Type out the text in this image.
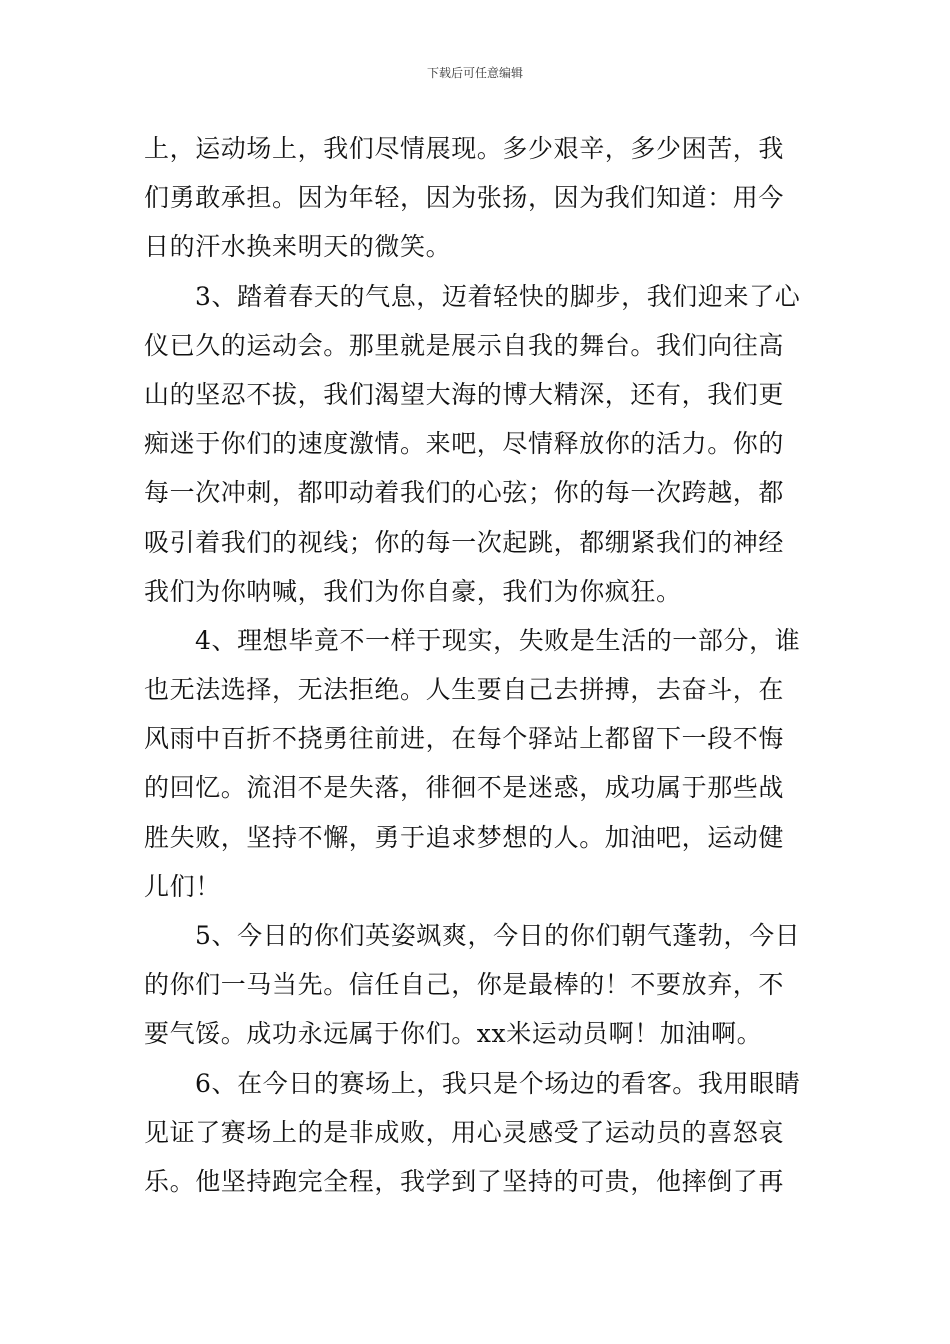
下载后可任意编辑
上，运动场上，我们尽情展现。多少艰辛，多少困苦，我
们勇敢承担。因为年轻，因为张扬，因为我们知道：用今
日的汗水换来明天的微笑。
3、踏着春天的气息，迈着轻快的脚步，我们迎来了心
仪已久的运动会。那里就是展示自我的舞台。我们向往高
山的坚忍不拔，我们渴望大海的博大精深，还有，我们更
痴迷于你们的速度激情。来吧，尽情释放你的活力。你的
每一次冲刺，都叩动着我们的心弦；你的每一次跨越，都
吸引着我们的视线；你的每一次起跳，都绷紧我们的神经
我们为你呐喊，我们为你自豪，我们为你疯狂。
4、理想毕竟不一样于现实，失败是生活的一部分，谁
也无法选择，无法拒绝。人生要自己去拼搏，去奋斗，在
风雨中百折不挠勇往前进，在每个驿站上都留下一段不悔
的回忆。流泪不是失落，徘徊不是迷惑，成功属于那些战
胜失败，坚持不懈，勇于追求梦想的人。加油吧，运动健
儿们！
5、今日的你们英姿飒爽，今日的你们朝气蓬勃，今日
的你们一马当先。信任自己，你是最棒的！不要放弃，不
要气馁。成功永远属于你们。xx米运动员啊！加油啊。
6、在今日的赛场上，我只是个场边的看客。我用眼睛
见证了赛场上的是非成败，用心灵感受了运动员的喜怒哀
乐。他坚持跑完全程，我学到了坚持的可贵，他摔倒了再
